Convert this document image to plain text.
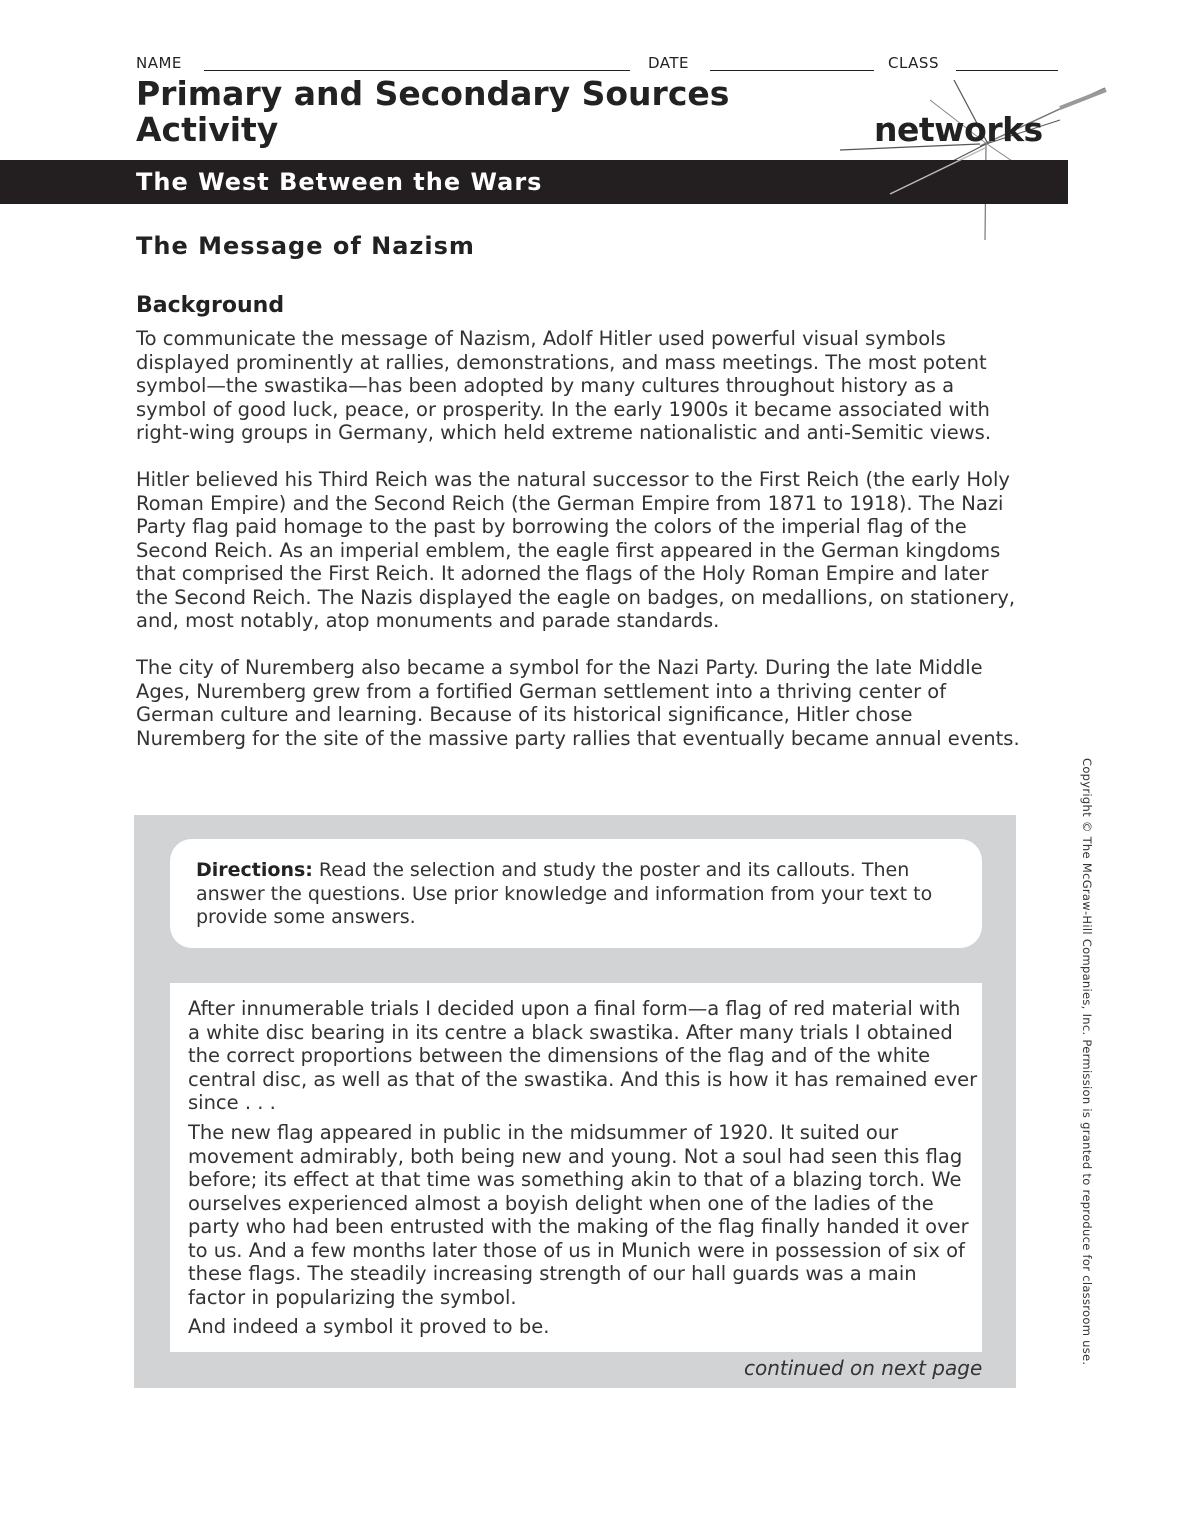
NAME	DATE	CLASS
Primary and Secondary Sources
Activity	networks
The West Between the Wars
The Message of Nazism
Background

To communicate the message of Nazism, Adolf Hitler used powerful visual symbols displayed prominently at rallies, demonstrations, and mass meetings. The most potent symbol—the swastika—has been adopted by many cultures throughout history as a symbol of good luck, peace, or prosperity. In the early 1900s it became associated with right-wing groups in Germany, which held extreme nationalistic and anti-Semitic views.

Hitler believed his Third Reich was the natural successor to the First Reich (the early Holy Roman Empire) and the Second Reich (the German Empire from 1871 to 1918). The Nazi Party flag paid homage to the past by borrowing the colors of the imperial flag of the Second Reich. As an imperial emblem, the eagle first appeared in the German kingdoms that comprised the First Reich. It adorned the flags of the Holy Roman Empire and later the Second Reich. The Nazis displayed the eagle on badges, on medallions, on stationery, and, most notably, atop monuments and parade standards.

The city of Nuremberg also became a symbol for the Nazi Party. During the late Middle Ages, Nuremberg grew from a fortified German settlement into a thriving center of German culture and learning. Because of its historical significance, Hitler chose Nuremberg for the site of the massive party rallies that eventually became annual events.

Directions: Read the selection and study the poster and its callouts. Then answer the questions. Use prior knowledge and information from your text to provide some answers.

After innumerable trials I decided upon a final form—a flag of red material with a white disc bearing in its centre a black swastika. After many trials I obtained the correct proportions between the dimensions of the flag and of the white central disc, as well as that of the swastika. And this is how it has remained ever since . . .

The new flag appeared in public in the midsummer of 1920. It suited our movement admirably, both being new and young. Not a soul had seen this flag before; its effect at that time was something akin to that of a blazing torch. We ourselves experienced almost a boyish delight when one of the ladies of the party who had been entrusted with the making of the flag finally handed it over to us. And a few months later those of us in Munich were in possession of six of these flags. The steadily increasing strength of our hall guards was a main factor in popularizing the symbol.

And indeed a symbol it proved to be.

continued on next page
Copyright © The McGraw-Hill Companies, Inc. Permission is granted to reproduce for classroom use.
